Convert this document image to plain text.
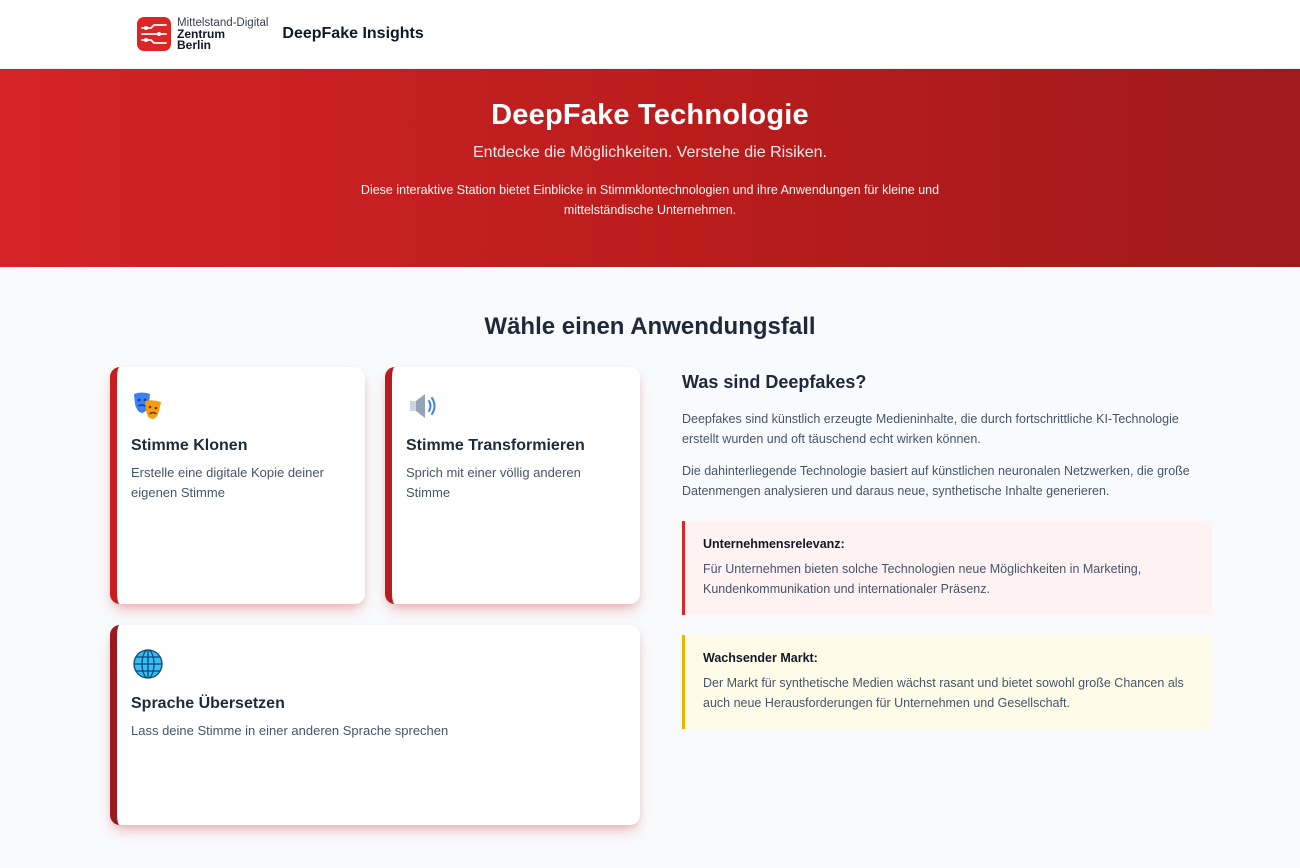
Mittelstand-Digital
Zentrum
Berlin
DeepFake Insights
DeepFake Technologie
Entdecke die Möglichkeiten. Verstehe die Risiken.

Diese interaktive Station bietet Einblicke in Stimmklontechnologien und ihre Anwendungen für kleine und mittelständische Unternehmen.

Wähle einen Anwendungsfall
Stimme Klonen

Erstelle eine digitale Kopie deiner eigenen Stimme

Stimme Transformieren

Sprich mit einer völlig anderen Stimme

Sprache Übersetzen

Lass deine Stimme in einer anderen Sprache sprechen

Was sind Deepfakes?

Deepfakes sind künstlich erzeugte Medieninhalte, die durch fortschrittliche KI-Technologie erstellt wurden und oft täuschend echt wirken können.

Die dahinterliegende Technologie basiert auf künstlichen neuronalen Netzwerken, die große Datenmengen analysieren und daraus neue, synthetische Inhalte generieren.

Unternehmensrelevanz:

Für Unternehmen bieten solche Technologien neue Möglichkeiten in Marketing, Kundenkommunikation und internationaler Präsenz.

Wachsender Markt:

Der Markt für synthetische Medien wächst rasant und bietet sowohl große Chancen als auch neue Herausforderungen für Unternehmen und Gesellschaft.
